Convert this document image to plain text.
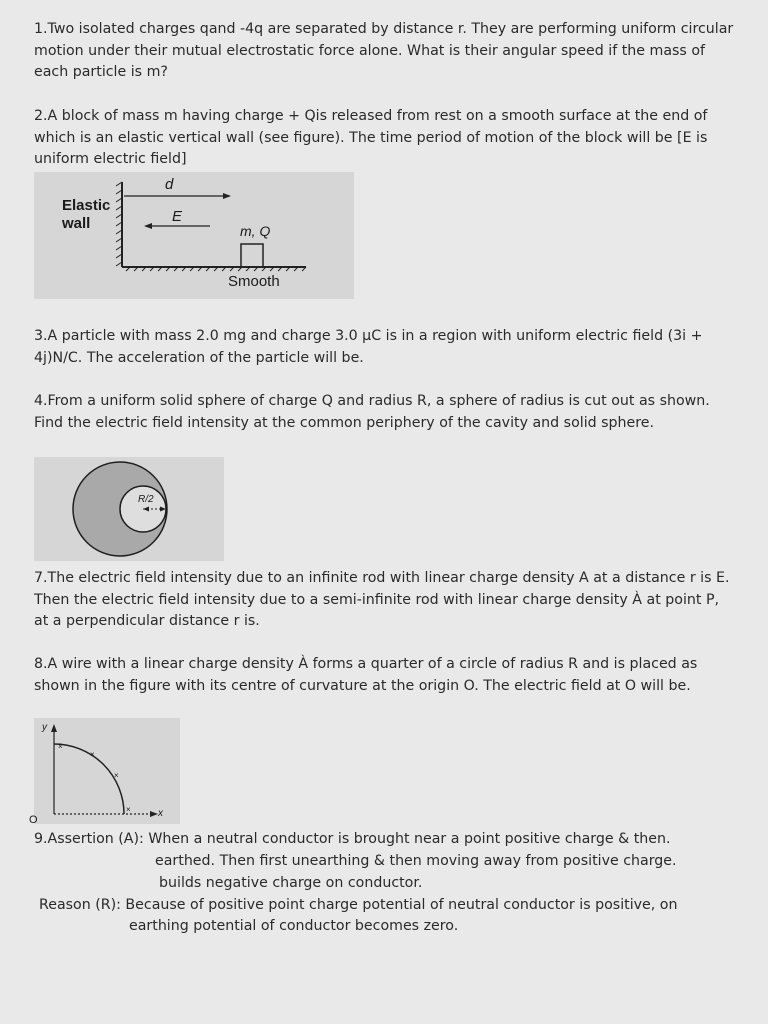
1.Two isolated charges qand -4q are separated by distance r. They are performing uniform circular motion under their mutual electrostatic force alone. What is their angular speed if the mass of each particle is m?

2.A block of mass m having charge + Qis released from rest on a smooth surface at the end of which is an elastic vertical wall (see figure). The time period of motion of the block will be [E is uniform electric field]

Elastic
wall
d
E
m, Q
Smooth

3.A particle with mass 2.0 mg and charge 3.0 μC is in a region with uniform electric field (3i + 4j)N/C. The acceleration of the particle will be.

4.From a uniform solid sphere of charge Q and radius R, a sphere of radius is cut out as shown. Find the electric field intensity at the common periphery of the cavity and solid sphere.

R/2

7.The electric field intensity due to an infinite rod with linear charge density A at a distance r is E. Then the electric field intensity due to a semi-infinite rod with linear charge density À at point P, at a perpendicular distance r is.

8.A wire with a linear charge density À forms a quarter of a circle of radius R and is placed as shown in the figure with its centre of curvature at the origin O. The electric field at O will be.

×
×
×
×
y
x
O

9.Assertion (A): When a neutral conductor is brought near a point positive charge & then.

earthed. Then first unearthing & then moving away from positive charge.

builds negative charge on conductor.

Reason (R): Because of positive point charge potential of neutral conductor is positive, on

earthing potential of conductor becomes zero.
